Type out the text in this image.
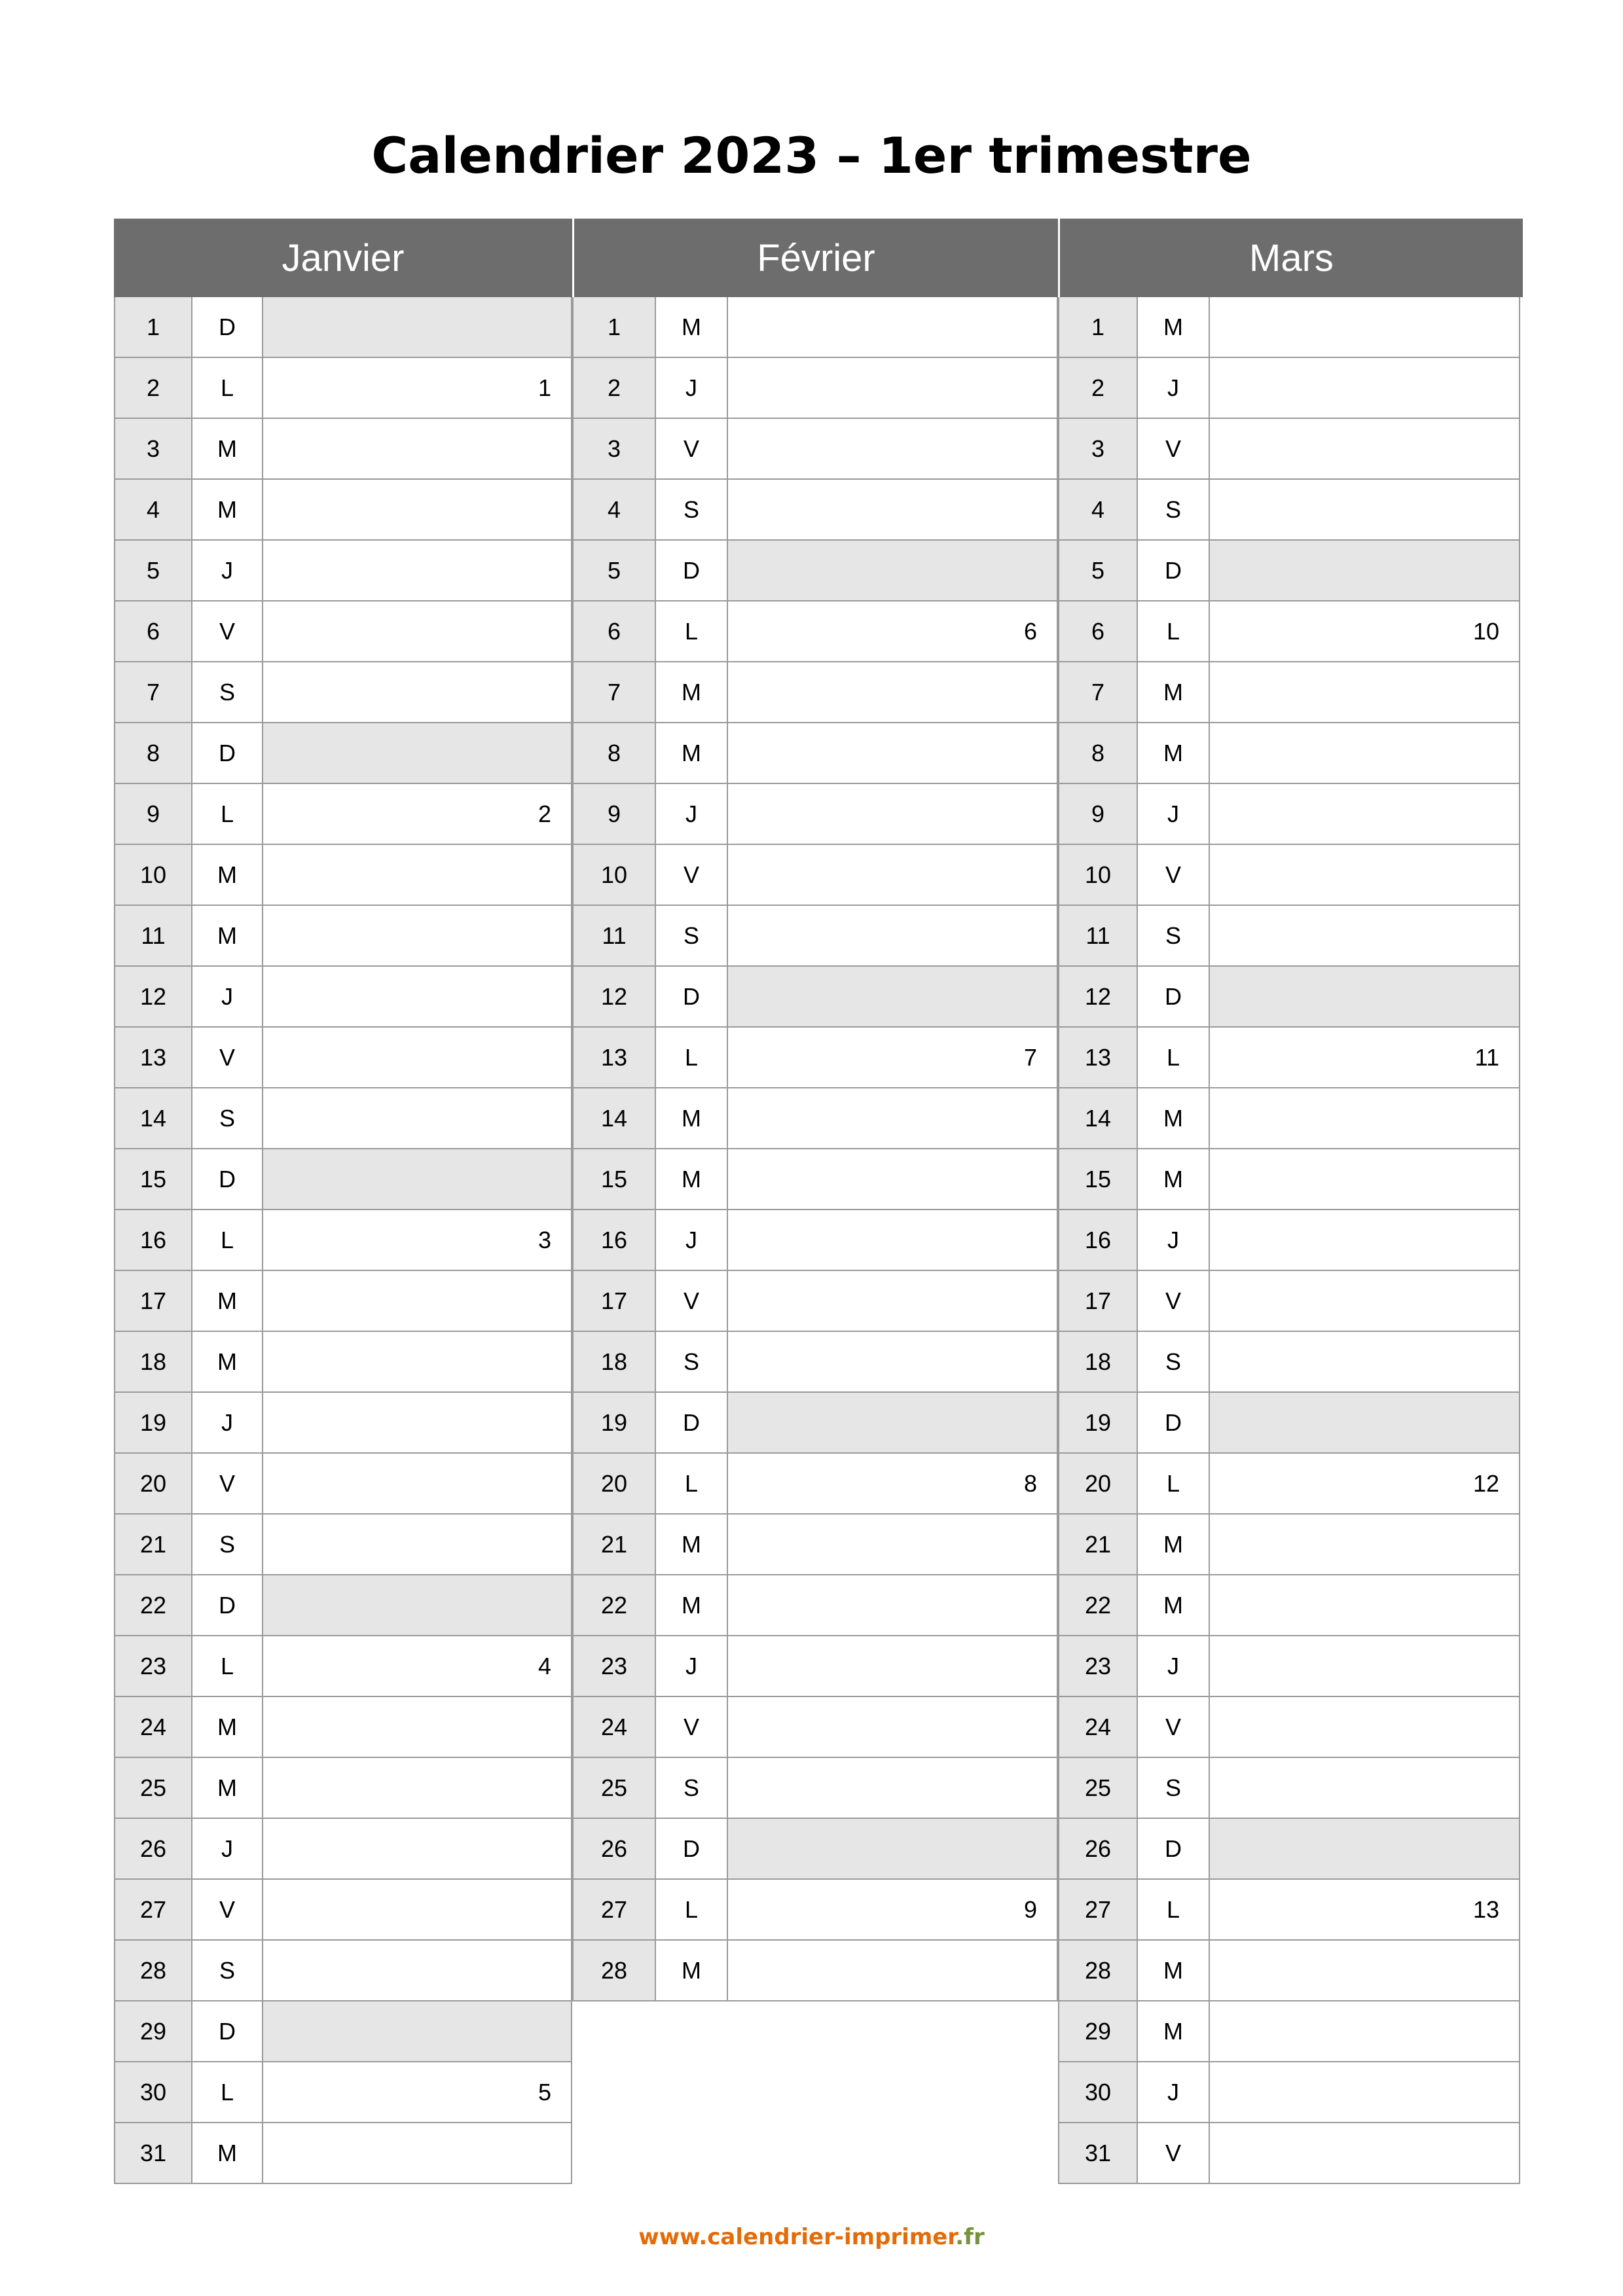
Calendrier 2023 – 1er trimestre
Janvier	Février	Mars
1	D
2	L	1
3	M
4	M
5	J
6	V
7	S
8	D
9	L	2
10	M
11	M
12	J
13	V
14	S
15	D
16	L	3
17	M
18	M
19	J
20	V
21	S
22	D
23	L	4
24	M
25	M
26	J
27	V
28	S
29	D
30	L	5
31	M
1	M
2	J
3	V
4	S
5	D
6	L	6
7	M
8	M
9	J
10	V
11	S
12	D
13	L	7
14	M
15	M
16	J
17	V
18	S
19	D
20	L	8
21	M
22	M
23	J
24	V
25	S
26	D
27	L	9
28	M
1	M
2	J
3	V
4	S
5	D
6	L	10
7	M
8	M
9	J
10	V
11	S
12	D
13	L	11
14	M
15	M
16	J
17	V
18	S
19	D
20	L	12
21	M
22	M
23	J
24	V
25	S
26	D
27	L	13
28	M
29	M
30	J
31	V
www.calendrier-imprimer.fr
